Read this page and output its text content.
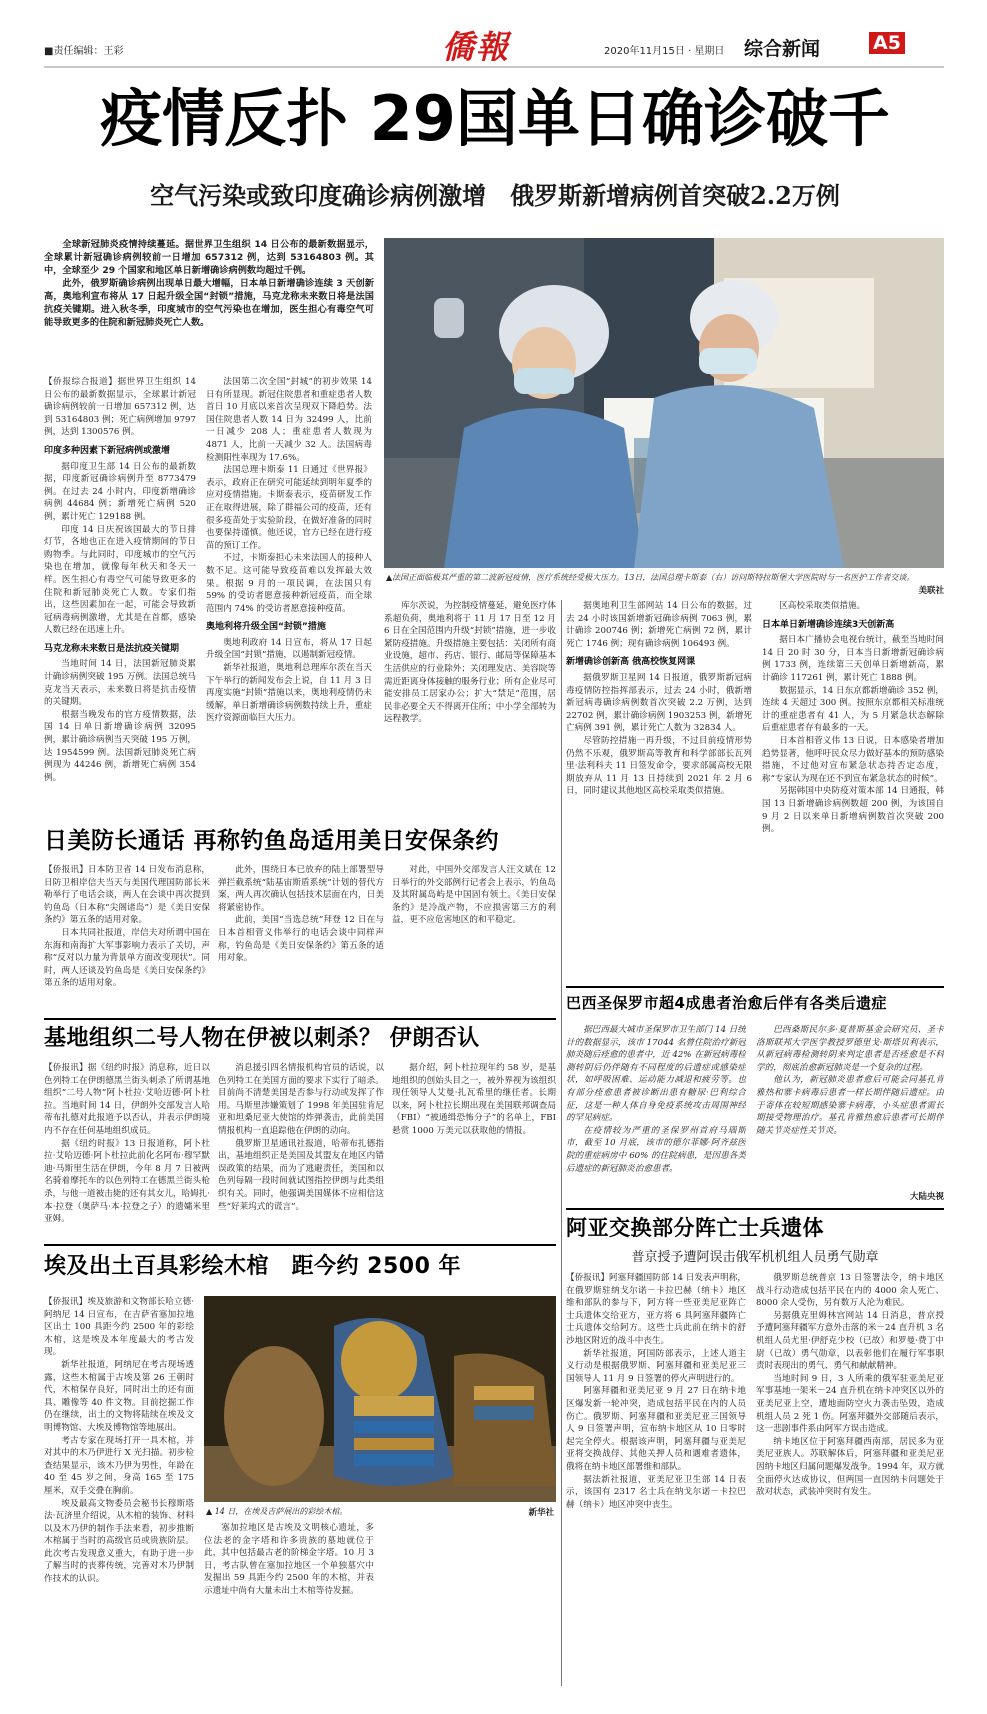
■责任编辑：王彩	僑報	2020年11月15日 · 星期日 综合新闻	A5
疫情反扑 29国单日确诊破千
空气污染或致印度确诊病例激增　俄罗斯新增病例首突破2.2万例

全球新冠肺炎疫情持续蔓延。据世界卫生组织 14 日公布的最新数据显示，全球累计新冠确诊病例较前一日增加 657312 例，达到 53164803 例。其中，全球至少 29 个国家和地区单日新增确诊病例数均超过千例。

此外，俄罗斯确诊病例出现单日最大增幅，日本单日新增确诊连续 3 天创新高，奥地利宣布将从 17 日起升级全国“封锁”措施，马克龙称未来数日将是法国抗疫关键期。进入秋冬季，印度城市的空气污染也在增加，医生担心有毒空气可能导致更多的住院和新冠肺炎死亡人数。

▲法国正面临极其严重的第二波新冠疫情，医疗系统经受极大压力。13日，法国总理卡斯泰（右）访问斯特拉斯堡大学医院时与一名医护工作者交谈。
美联社

【侨报综合报道】据世界卫生组织 14 日公布的最新数据显示，全球累计新冠确诊病例较前一日增加 657312 例，达到 53164803 例；死亡病例增加 9797 例，达到 1300576 例。

印度多种因素下新冠病例或激增

据印度卫生部 14 日公布的最新数据，印度新冠确诊病例升至 8773479 例。在过去 24 小时内，印度新增确诊病例 44684 例；新增死亡病例 520 例，累计死亡 129188 例。

印度 14 日庆祝该国最大的节日排灯节，各地也正在进入疫情期间的节日购物季。与此同时，印度城市的空气污染也在增加，就像每年秋天和冬天一样。医生担心有毒空气可能导致更多的住院和新冠肺炎死亡人数。专家们指出，这些因素加在一起，可能会导致新冠病毒病例激增，尤其是在首都，感染人数已经在迅速上升。

马克龙称未来数日是法抗疫关键期

当地时间 14 日，法国新冠肺炎累计确诊病例突破 195 万例。法国总统马克龙当天表示，未来数日将是抗击疫情的关键期。

根据当晚发布的官方疫情数据，法国 14 日单日新增确诊病例 32095 例，累计确诊病例当天突破 195 万例，达 1954599 例。法国新冠肺炎死亡病例现为 44246 例，新增死亡病例 354 例。

法国第二次全国“封城”的初步效果 14 日有所显现。新冠住院患者和重症患者人数首日 10 月底以来首次呈现双下降趋势。法国住院患者人数 14 日为 32499 人，比前一日减少 208 人；重症患者人数现为 4871 人，比前一天减少 32 人。法国病毒检测阳性率现为 17.6%。

法国总理卡斯泰 11 日通过《世界报》表示，政府正在研究可能延续到明年夏季的应对疫情措施。卡斯泰表示，疫苗研发工作正在取得进展，除了群福公司的疫苗，还有很多疫苗处于实验阶段，在做好准备的同时也要保持谨慎。他还说，官方已经在进行疫苗的预订工作。

不过，卡斯泰担心未来法国人的接种人数不足。这可能导致疫苗难以发挥最大效果。根据 9 月的一项民调，在法国只有 59% 的受访者愿意接种新冠疫苗，而全球范围内 74% 的受访者愿意接种疫苗。

奥地利将升级全国“封锁”措施

奥地利政府 14 日宣布，将从 17 日起升级全国“封锁”措施，以遏制新冠疫情。

新华社报道，奥地利总理库尔茨在当天下午举行的新闻发布会上说，自 11 月 3 日再度实施“封锁”措施以来，奥地利疫情仍未缓解，单日新增确诊病例数持续上升，重症医疗资源面临巨大压力。

库尔茨说，为控制疫情蔓延，避免医疗体系超负荷，奥地利将于 11 月 17 日至 12 月 6 日在全国范围内升级“封锁”措施，进一步收紧防疫措施。升级措施主要包括：关闭所有商业设施，超市、药店、银行、邮局等保障基本生活供应的行业除外；关闭理发店、美容院等需近距离身体接触的服务行业；所有企业尽可能安排员工居家办公；扩大“禁足”范围，居民非必要全天不得离开住所；中小学全部转为远程教学。

据奥地利卫生部网站 14 日公布的数据，过去 24 小时该国新增新冠确诊病例 7063 例，累计确诊 200746 例；新增死亡病例 72 例，累计死亡 1746 例；现有确诊病例 106493 例。

新增确诊创新高 俄高校恢复网课

据俄罗斯卫星网 14 日报道，俄罗斯新冠病毒疫情防控指挥部表示，过去 24 小时，俄新增新冠病毒确诊病例数首次突破 2.2 万例，达到 22702 例，累计确诊病例 1903253 例，新增死亡病例 391 例，累计死亡人数为 32834 人。

尽管防控措施一再升级，不过目前疫情形势仍然不乐观，俄罗斯高等教育和科学部部长瓦列里·法利科夫 11 日签发命令，要求部属高校无限期放弃从 11 月 13 日持续到 2021 年 2 月 6 日，同时建议其他地区高校采取类似措施。

区高校采取类似措施。

日本单日新增确诊连续3天创新高

据日本广播协会电视台统计，截至当地时间 14 日 20 时 30 分，日本当日新增新冠确诊病例 1733 例，连续第三天创单日新增新高，累计确诊 117261 例，累计死亡 1888 例。

数据显示，14 日东京都新增确诊 352 例，连续 4 天超过 300 例。按照东京都相关标准统计的重症患者有 41 人，为 5 月紧急状态解除后重症患者存有最多的一天。

日本首相菅义伟 13 日说，日本感染者增加趋势显著，他呼吁民众尽力做好基本的预防感染措施，不过他对宣布紧急状态持否定态度，称“专家认为现在还不到宣布紧急状态的时候”。

另据韩国中央防疫对策本部 14 日通报，韩国 13 日新增确诊病例数超 200 例，为该国自 9 月 2 日以来单日新增病例数首次突破 200 例。

日美防长通话 再称钓鱼岛适用美日安保条约

【侨报讯】日本防卫省 14 日发布消息称，日防卫相岸信夫当天与美国代理国防部长米勒举行了电话会谈，两人在会谈中再次提到钓鱼岛（日本称“尖阁诸岛”）是《美日安保条约》第五条的适用对象。

日本共同社报道，岸信夫对所谓中国在东海和南海扩大军事影响力表示了关切，声称“反对以力量为背景单方面改变现状”。同时，两人还谈及钓鱼岛是《美日安保条约》第五条的适用对象。

此外，围绕日本已放弃的陆上部署型导弹拦截系统“陆基宙斯盾系统”计划的替代方案，两人再次确认包括技术层面在内，日美将紧密协作。

此前，美国“当选总统”拜登 12 日在与日本首相菅义伟举行的电话会谈中同样声称，钓鱼岛是《美日安保条约》第五条的适用对象。

对此，中国外交部发言人汪文斌在 12 日举行的外交部例行记者会上表示，钓鱼岛及其附属岛屿是中国固有领土。《美日安保条约》是冷战产物，不应损害第三方的利益，更不应危害地区的和平稳定。

基地组织二号人物在伊被以刺杀？ 伊朗否认

【侨报讯】据《纽约时报》消息称，近日以色列特工在伊朗德黑兰街头刺杀了所谓基地组织“二号人物”阿卜杜拉·艾哈迈德·阿卜杜拉。当地时间 14 日，伊朗外交部发言人哈蒂布扎德对此报道予以否认，并表示伊朗境内不存在任何基地组织成员。

据《纽约时报》13 日报道称，阿卜杜拉·艾哈迈德·阿卜杜拉此前化名阿布·穆罕默迪·马斯里生活在伊朗，今年 8 月 7 日被两名骑着摩托车的以色列特工在德黑兰街头枪杀，与他一道被击毙的还有其女儿，哈姆扎·本·拉登（奥萨马·本·拉登之子）的遗孀米里亚姆。

消息援引四名情报机构官员的话说，以色列特工在美国方面的要求下实行了暗杀。目前尚不清楚美国是否参与行动或发挥了作用。马斯里涉嫌策划了 1998 年美国驻肯尼亚和坦桑尼亚大使馆的炸弹袭击，此前美国情报机构一直追踪他在伊朗的动向。

俄罗斯卫星通讯社报道，哈蒂布扎德指出，基地组织正是美国及其盟友在地区内错误政策的结果，而为了逃避责任，美国和以色列每隔一段时间就试图指控伊朗与此类组织有关。同时，他强调美国媒体不应相信这些“好莱坞式的谎言”。

据介绍，阿卜杜拉现年约 58 岁，是基地组织的创始头目之一，被外界视为该组织现任领导人艾曼·扎瓦希里的继任者。长期以来，阿卜杜拉长期出现在美国联邦调查局（FBI）“被通缉恐怖分子”的名单上，FBI 悬赏 1000 万美元以获取他的情报。

埃及出土百具彩绘木棺　距今约 2500 年

【侨报讯】埃及旅游和文物部长哈立德·阿纳尼 14 日宣布，在吉萨省塞加拉地区出土 100 具距今约 2500 年的彩绘木棺，这是埃及本年度最大的考古发现。

新华社报道，阿纳尼在考古现场透露，这些木棺属于古埃及第 26 王朝时代，木棺保存良好，同时出土的还有面具、雕像等 40 件文物。目前挖掘工作仍在继续，出土的文物将陆续在埃及文明博物馆、大埃及博物馆等地展出。

考古专家在现场打开一具木棺，并对其中的木乃伊进行 X 光扫描。初步检查结果显示，该木乃伊为男性，年龄在 40 至 45 岁之间，身高 165 至 175 厘米，双手交叠在胸前。

埃及最高文物委员会秘书长穆斯塔法·瓦济里介绍说，从木棺的装饰、材料以及木乃伊的制作手法来看，初步推断木棺属于当时的高级官员或贵族阶层。此次考古发现意义重大，有助于进一步了解当时的丧葬传统，完善对木乃伊制作技术的认识。

▲ 14 日，在埃及吉萨展出的彩绘木棺。	新华社

塞加拉地区是古埃及文明核心遗址，多位法老的金字塔和许多贵族的墓地就位于此，其中包括最古老的阶梯金字塔。10 月 3 日，考古队曾在塞加拉地区一个单独墓穴中发掘出 59 具距今约 2500 年的木棺，并表示遗址中尚有大量未出土木棺等待发掘。

巴西圣保罗市超4成患者治愈后伴有各类后遗症

据巴西最大城市圣保罗市卫生部门 14 日统计的数据显示，该市 17044 名曾住院治疗新冠肺炎随后痊愈的患者中，近 42% 在新冠病毒检测转阴后仍伴随有不同程度的后遗症或感染症状，如呼吸困难、运动能力减退和疲劳等。也有部分痊愈患者被诊断出患有糖尿·巴利综合征，这是一种人体自身免疫系统攻击周围神经的罕见病症。

在疫情较为严重的圣保罗州首府马瑙斯市，截至 10 月底，该市的德尔菲娜·阿齐兹医院的重症病房中 60% 的住院病患，是因患各类后遗症的新冠肺炎治愈患者。

巴西桑斯民尔多·夏普斯基金会研究员、圣卡洛斯联邦大学医学教授罗德里戈·斯塔贝利表示，从新冠病毒检测转阴来判定患者是否痊愈是不科学的，彻底治愈新冠肺炎是一个复杂的过程。

他认为，新冠肺炎患者愈后可能会同基孔肯雅热和寨卡病毒后患者一样长期伴随后遗症。由于寄体在较短期感染寨卡病毒，小头症患者需长期接受物理治疗。基孔肯雅热愈后患者可长期伴随关节炎症性关节炎。

大陆央视
阿亚交换部分阵亡士兵遗体
普京授予遭阿误击俄军机机组人员勇气勋章

【侨报讯】阿塞拜疆国防部 14 日发表声明称，在俄罗斯驻纳戈尔诺－卡拉巴赫（纳卡）地区维和部队的参与下，阿方将一些亚美尼亚阵亡士兵遗体交给亚方，亚方将 6 具阿塞拜疆阵亡士兵遗体交给阿方。这些士兵此前在纳卡的舒沙地区附近的战斗中丧生。

新华社报道，阿国防部表示，上述人道主义行动是根据俄罗斯、阿塞拜疆和亚美尼亚三国领导人 11 月 9 日签署的停火声明进行的。

阿塞拜疆和亚美尼亚 9 月 27 日在纳卡地区爆发新一轮冲突，造成包括平民在内的人员伤亡。俄罗斯、阿塞拜疆和亚美尼亚三国领导人 9 日签署声明，宣布纳卡地区从 10 日零时起完全停火。根据该声明，阿塞拜疆与亚美尼亚将交换战俘、其他关押人员和遇难者遗体，俄将在纳卡地区部署维和部队。

据法新社报道，亚美尼亚卫生部 14 日表示，该国有 2317 名士兵在纳戈尔诺－卡拉巴赫（纳卡）地区冲突中丧生。

俄罗斯总统普京 13 日签署法令，纳卡地区战斗行动造成包括平民在内的 4000 余人死亡、8000 余人受伤，另有数万人沦为难民。

另据俄克里姆林宫网站 14 日消息，普京授予遭阿塞拜疆军方意外击落的米－24 直升机 3 名机组人员尤里·伊舒克少校（已故）和罗曼·费丁中尉（已故）勇气勋章，以表彰他们在履行军事职责时表现出的勇气、勇气和献献精神。

当地时间 9 日，3 人所乘的俄军驻亚美尼亚军事基地一架米－24 直升机在纳卡冲突区以外的亚美尼亚上空，遭地面防空火力袭击坠毁，造成机组人员 2 死 1 伤。阿塞拜疆外交部随后表示，这一悲剧事件系由阿军方误击造成。

纳卡地区位于阿塞拜疆西南部，居民多为亚美尼亚族人。苏联解体后，阿塞拜疆和亚美尼亚因纳卡地区归属问题爆发战争。1994 年，双方就全面停火达成协议，但两国一直因纳卡问题处于敌对状态，武装冲突时有发生。
